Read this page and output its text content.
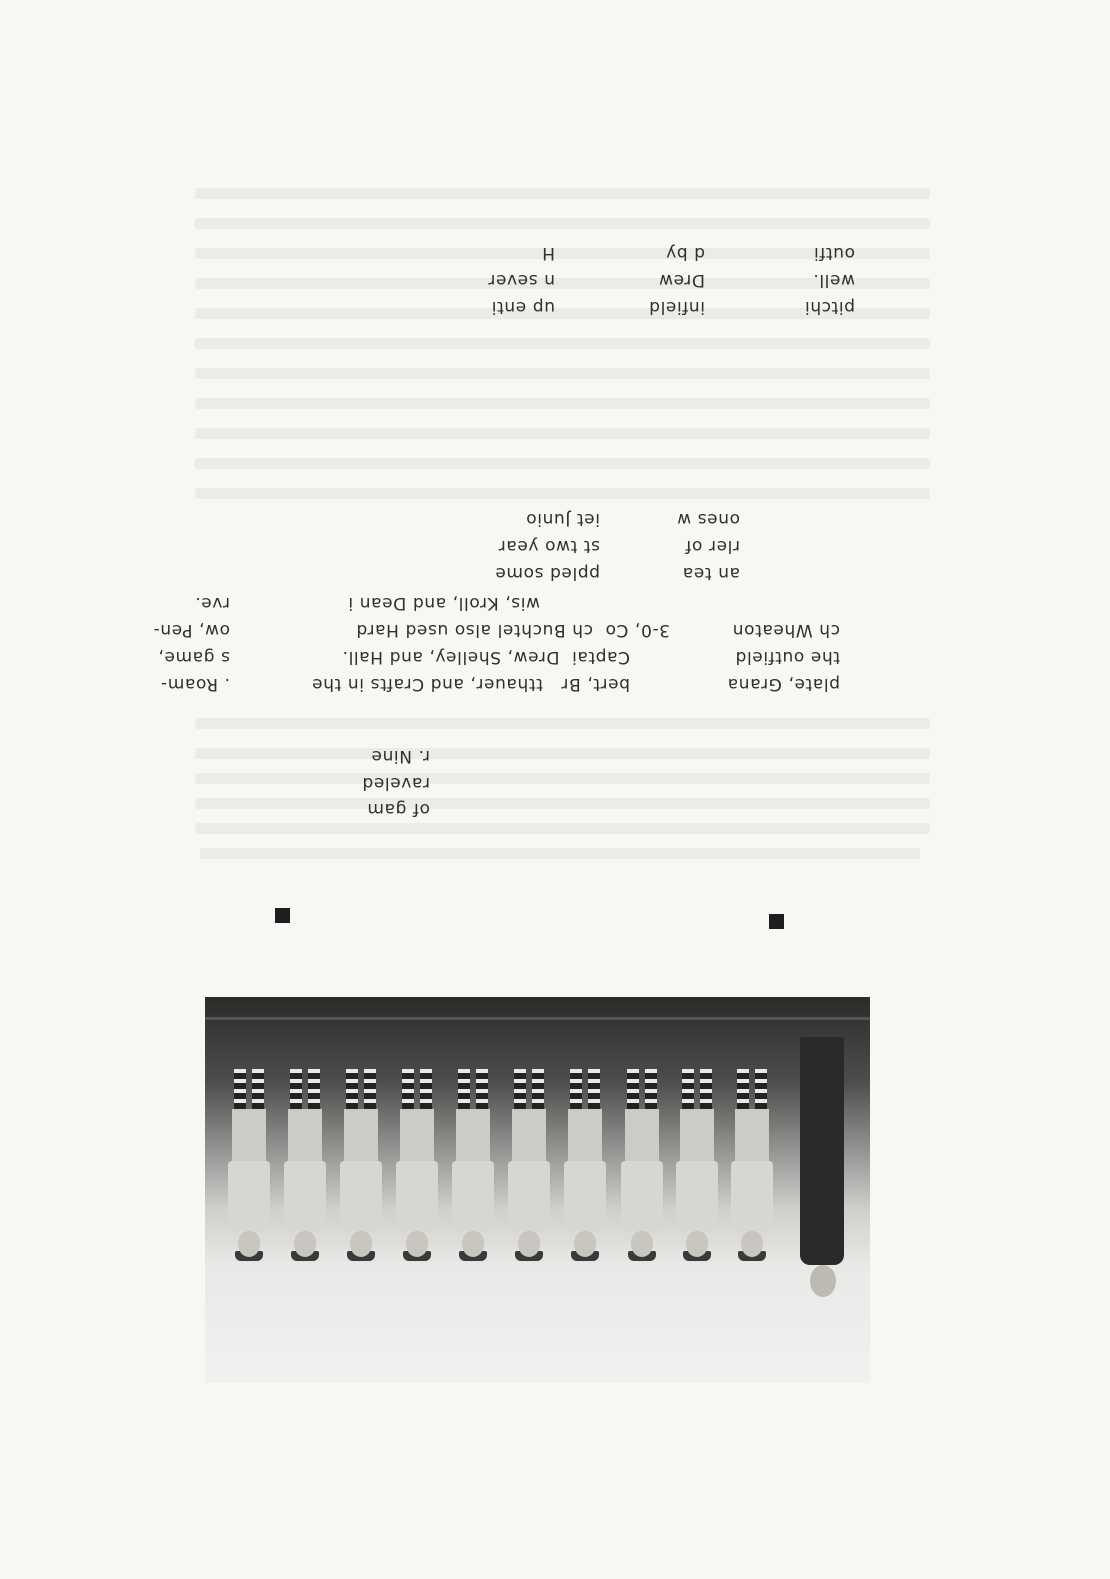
of gam
raveled
r. Nine
plate, Grana
bert, Br   tthauer, and Crafts in the
. Roam-
the outfield
Captai  Drew, Shelley, and Hall.
s game,
ch Wheaton
3-0, Co  ch Buchtel also used Hard
ow, Pen-
wis, Kroll, and Dean i
rve.
an tea
ppled some
rler of
st two year
ones w
iet Junio
pitchi
infield
up enti
well.
Drew
n sever
outfi
d by
H
